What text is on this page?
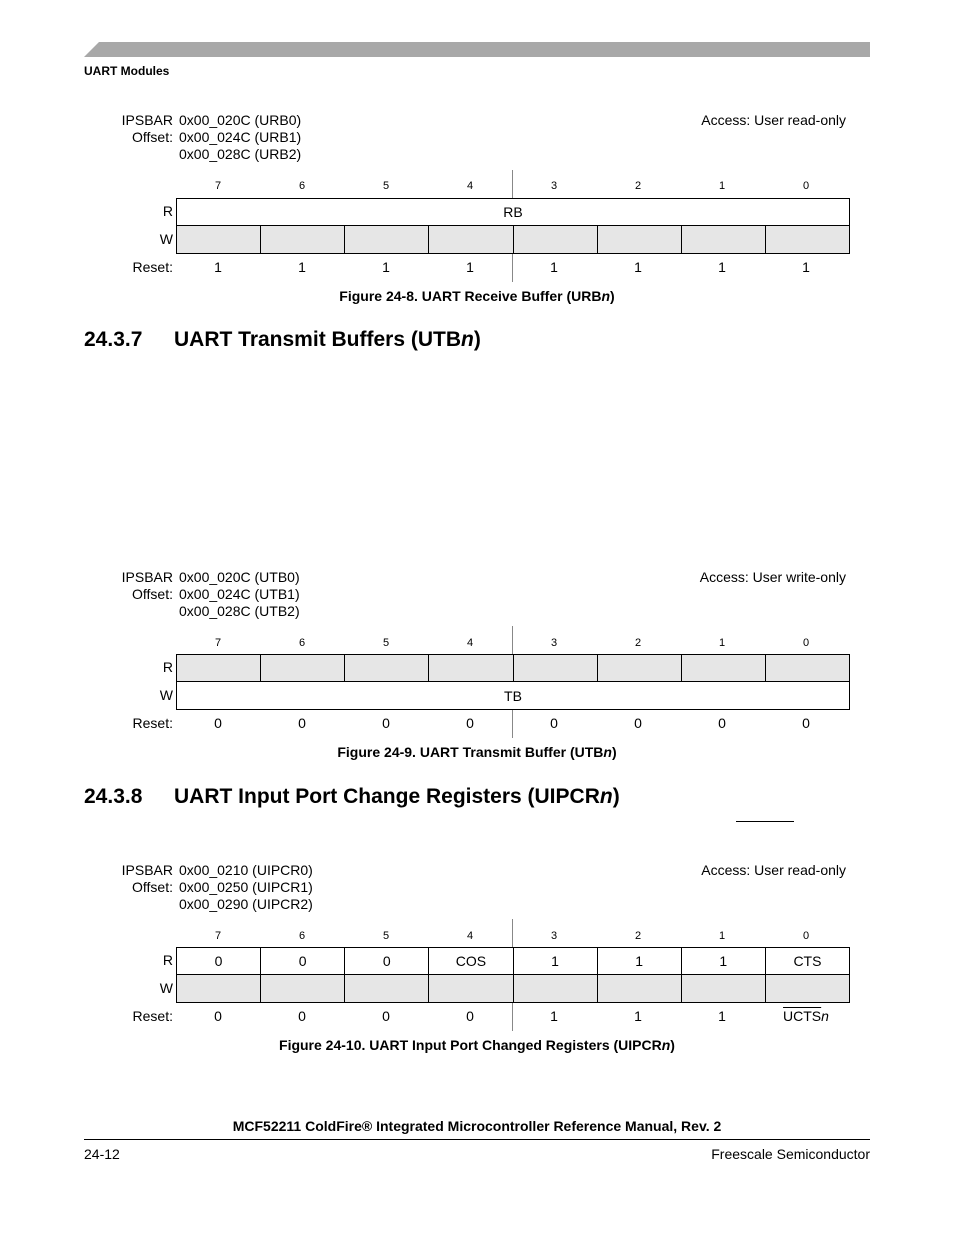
UART Modules
IPSBAR
Offset:
0x00_020C (URB0)
0x00_024C (URB1)
0x00_028C (URB2)
Access: User read-only
7	6	5	4	3	2	1	0
R	RB
W
Reset:	1	1	1	1	1	1	1	1
Figure 24-8. UART Receive Buffer (URBn)
24.3.7 UART Transmit Buffers (UTBn)
IPSBAR
Offset:
0x00_020C (UTB0)
0x00_024C (UTB1)
0x00_028C (UTB2)
Access: User write-only
7	6	5	4	3	2	1	0
R
W	TB
Reset:	0	0	0	0	0	0	0	0
Figure 24-9. UART Transmit Buffer (UTBn)
24.3.8 UART Input Port Change Registers (UIPCRn)
IPSBAR
Offset:
0x00_0210 (UIPCR0)
0x00_0250 (UIPCR1)
0x00_0290 (UIPCR2)
Access: User read-only
7	6	5	4	3	2	1	0
R	0	0	0	COS	1	1	1	CTS
W
Reset:	0	0	0	0	1	1	1	UCTSn
Figure 24-10. UART Input Port Changed Registers (UIPCRn)
MCF52211 ColdFire® Integrated Microcontroller Reference Manual, Rev. 2
24-12	Freescale Semiconductor
